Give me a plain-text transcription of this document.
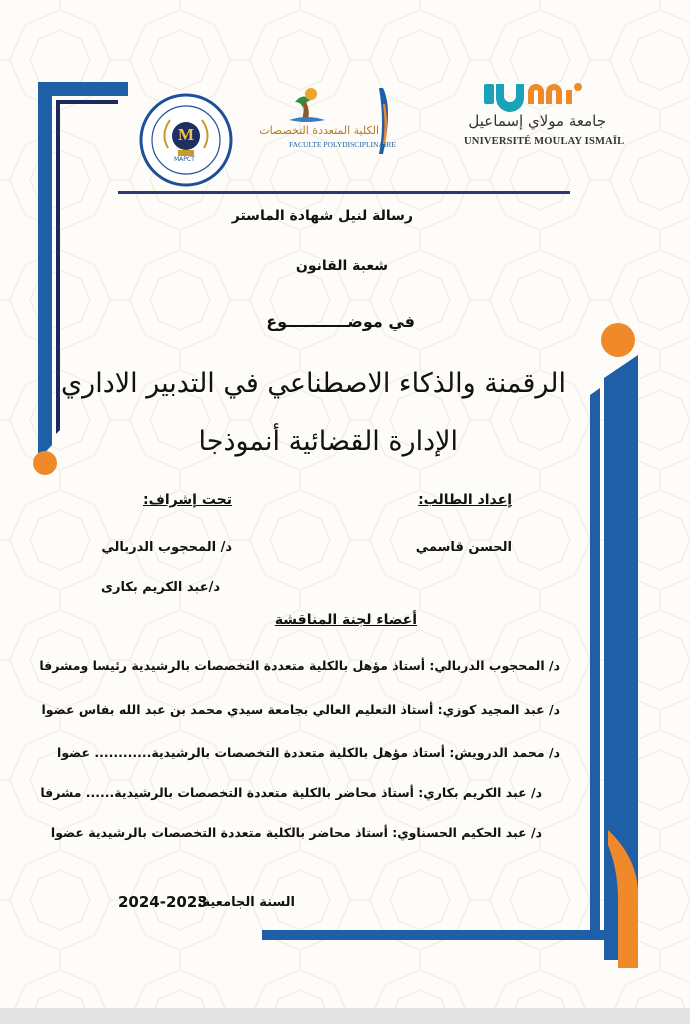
جامعة مولاي إسماعيل
UNIVERSITÉ MOULAY ISMAÏL
الكلية المتعددة التخصصات
FACULTE POLYDISCIPLINAIRE
M
MAPCT
رسالة لنيل شهادة الماستر
شعبة القانون
في موضـــــــــــوع
الرقمنة والذكاء الاصطناعي في التدبير الاداري
الإدارة القضائية أنموذجا
إعداد الطالب:
الحسن قاسمي
تحت إشراف:
د/ المحجوب الدربالي
د/عبد الكريم بكارى
أعضاء لجنة المناقشة
د/ المحجوب الدربالي: أستاذ مؤهل بالكلية متعددة التخصصات بالرشيدية رئيسا ومشرفا
د/ عبد المجيد كوزي: أستاذ التعليم العالي بجامعة سيدي محمد بن عبد الله بفاس عضوا
د/ محمد الدرويش: أستاذ مؤهل بالكلية متعددة التخصصات بالرشيدية............ عضوا
د/ عبد الكريم بكاري: أستاذ محاضر بالكلية متعددة التخصصات بالرشيدية...... مشرفا
د/ عبد الحكيم الحسناوي: أستاذ محاضر بالكلية متعددة التخصصات بالرشيدية عضوا
السنة الجامعية:
2024-2023
